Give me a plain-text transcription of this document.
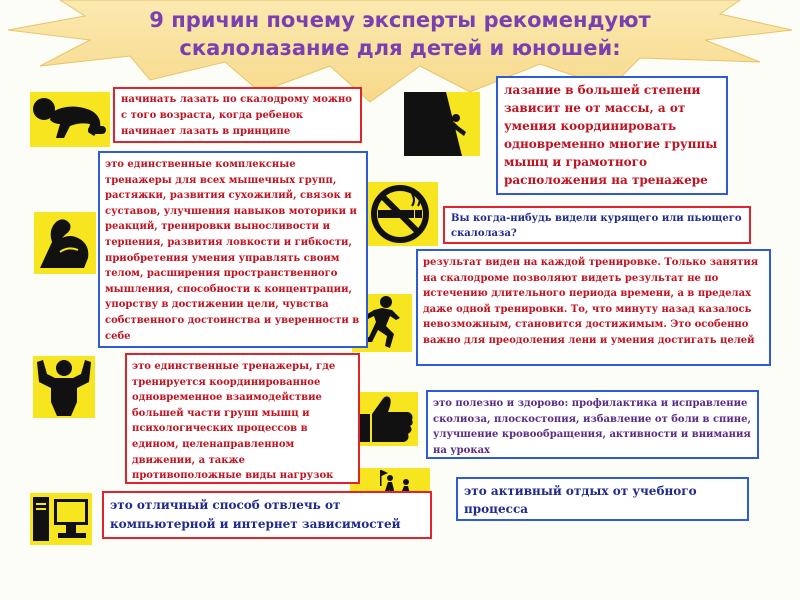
9 причин почему эксперты рекомендуют скалолазание для детей и юношей:
начинать лазать по скалодрому можно с того возраста, когда ребенок начинает лазать в принципе
это единственные комплексные тренажеры для всех мышечных групп, растяжки, развития сухожилий, связок и суставов, улучшения навыков моторики и реакций, тренировки выносливости и терпения, развития ловкости и гибкости, приобретения умения управлять своим телом, расширения пространственного мышления, способности к концентрации, упорству в достижении цели, чувства собственного достоинства и уверенности в себе
это единственные тренажеры, где тренируется координированное одновременное взаимодействие большей части групп мышц и психологических процессов в едином, целенаправленном движении, а также противоположные виды нагрузок
это отличный способ отвлечь от компьютерной и интернет зависимостей
лазание в большей степени зависит не от массы, а от умения координировать одновременно многие группы мышц и грамотного расположения на тренажере
Вы когда-нибудь видели курящего или пьющего скалолаза?
результат виден на каждой тренировке. Только занятия на скалодроме позволяют видеть результат не по истечению длительного периода времени, а в пределах даже одной тренировки. То, что минуту назад казалось невозможным, становится достижимым. Это особенно важно для преодоления лени и умения достигать целей
это полезно и здорово: профилактика и исправление сколиоза, плоскостопия, избавление от боли в спине, улучшение кровообращения, активности и внимания на уроках
это активный отдых от учебного процесса
